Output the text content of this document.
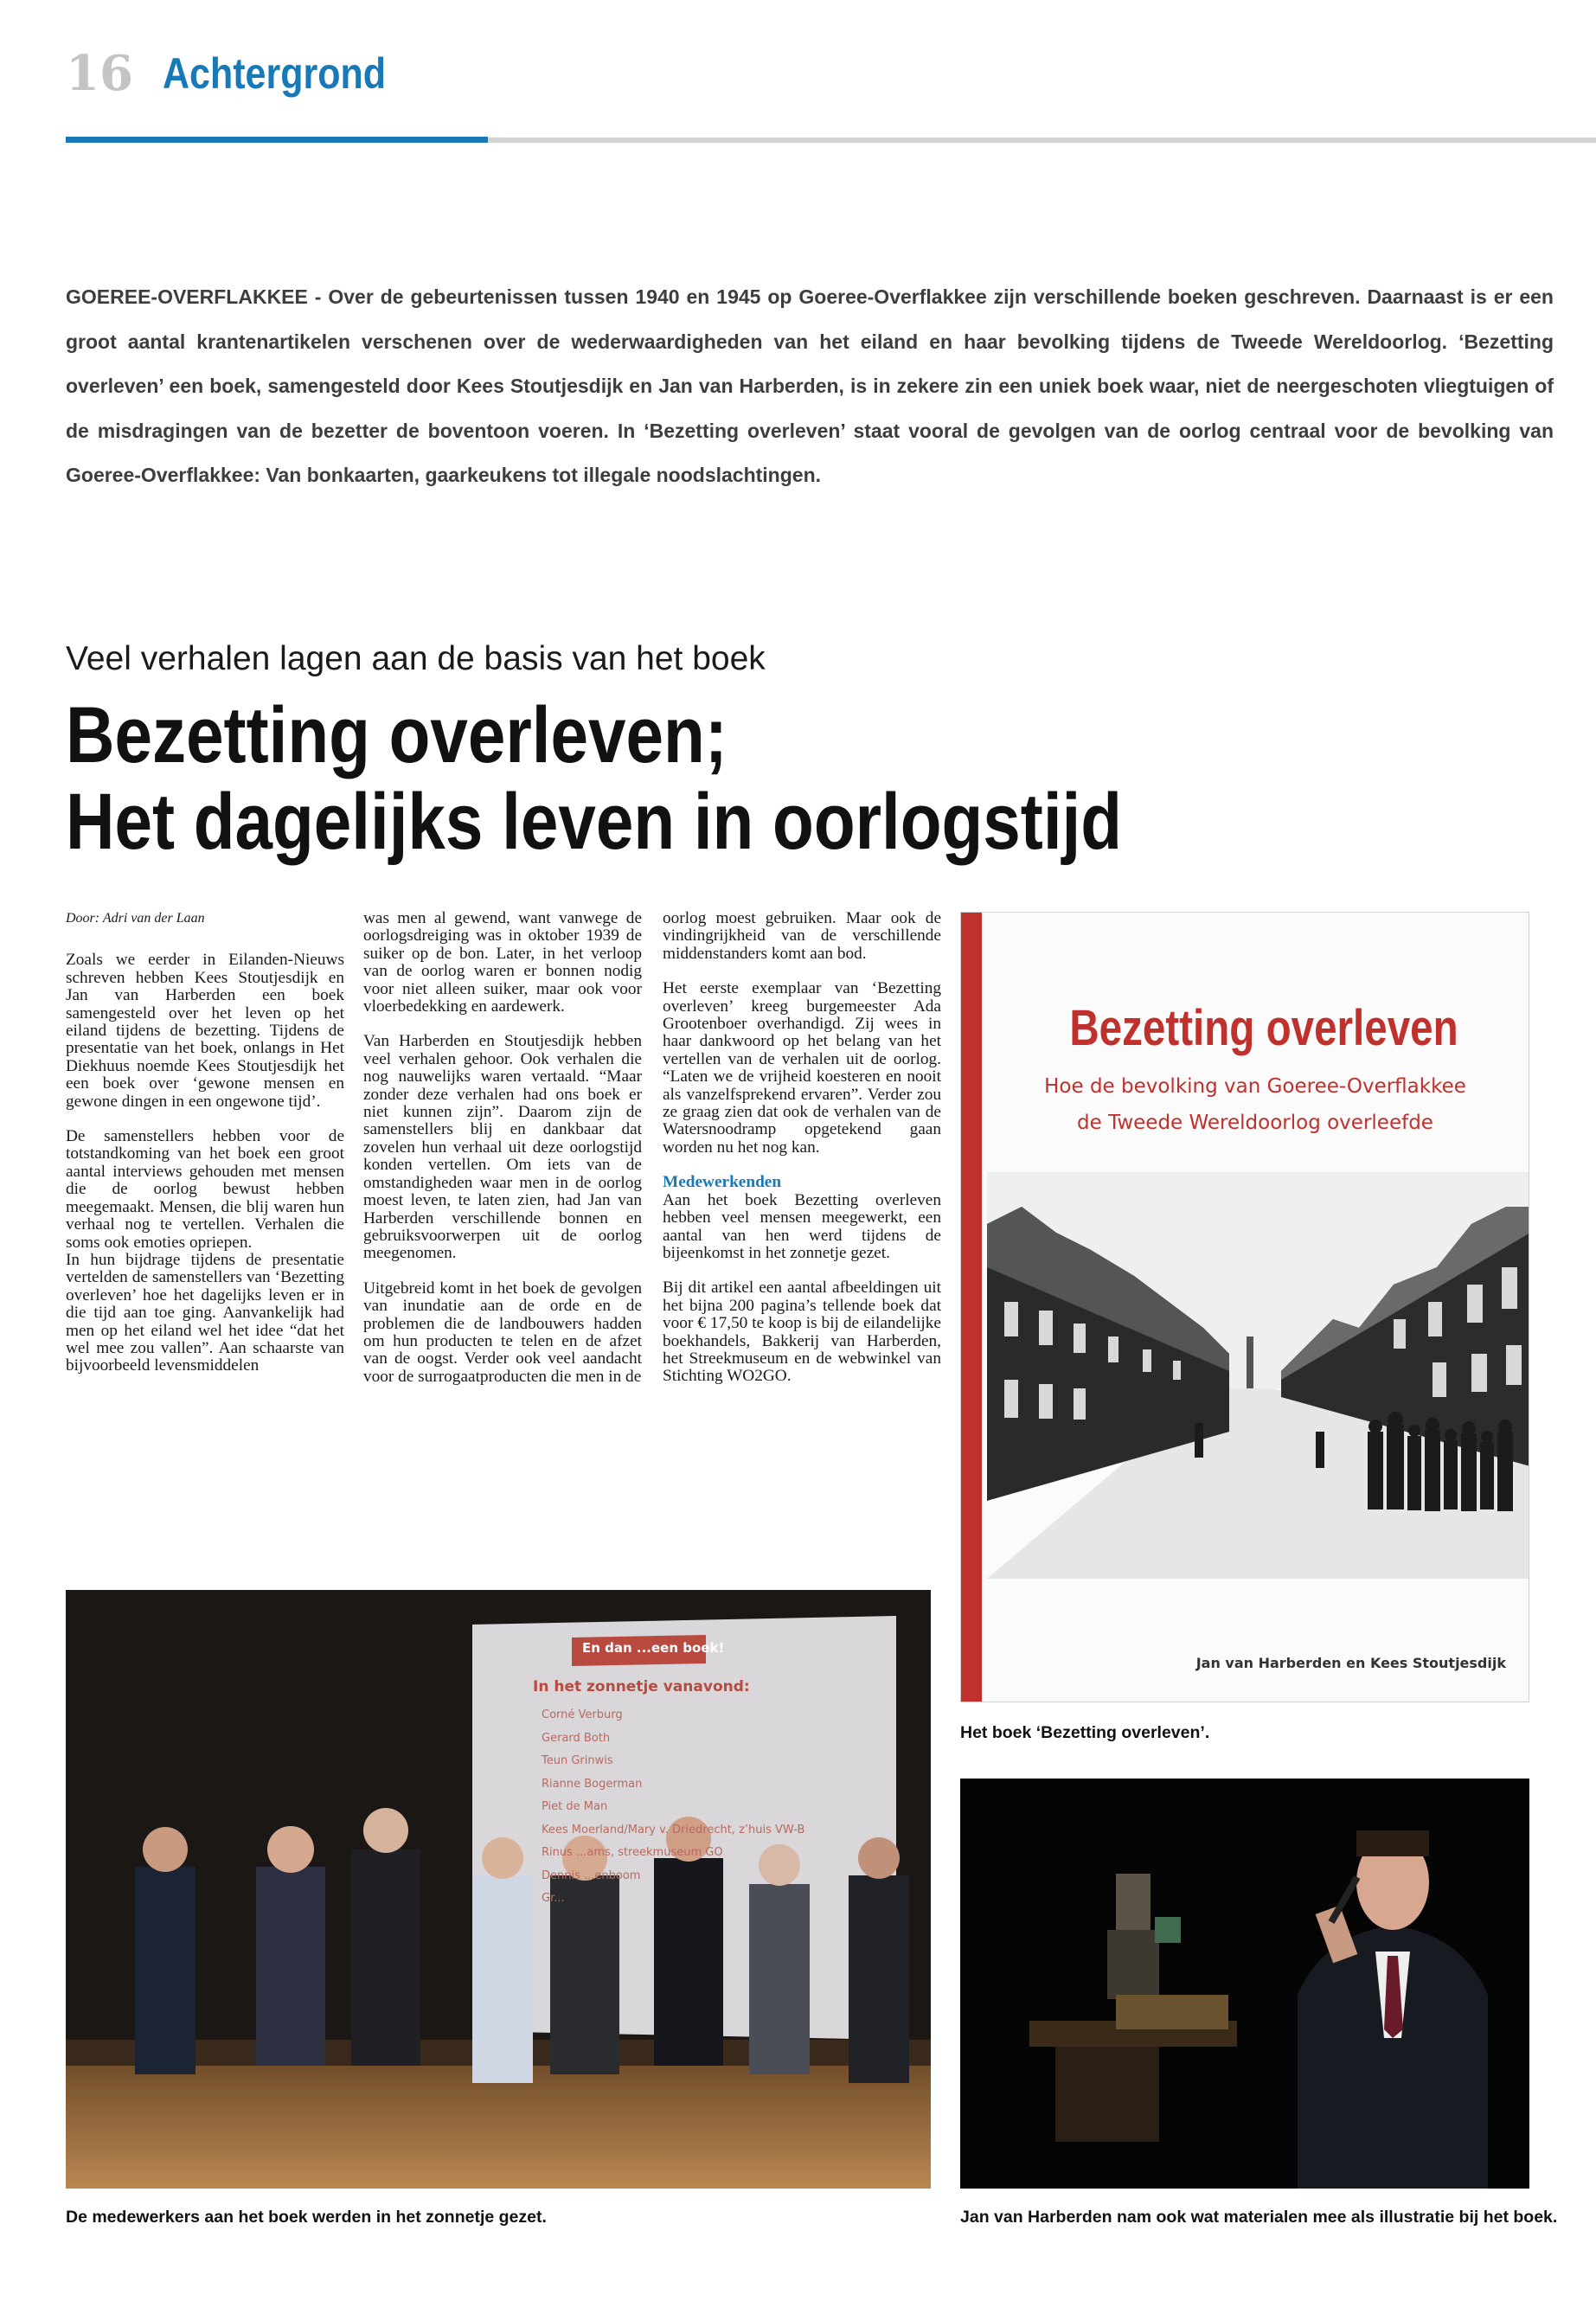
16 Achtergrond
GOEREE-OVERFLAKKEE - Over de gebeurtenissen tussen 1940 en 1945 op Goeree-Overflakkee zijn verschillende boeken geschreven. Daarnaast is er een groot aantal krantenartikelen verschenen over de wederwaardigheden van het eiland en haar bevolking tijdens de Tweede Wereldoorlog. ‘Bezetting overleven’ een boek, samengesteld door Kees Stoutjesdijk en Jan van Harberden, is in zekere zin een uniek boek waar, niet de neergeschoten vliegtuigen of de misdragingen van de bezetter de boventoon voeren. In ‘Bezetting overleven’ staat vooral de gevolgen van de oorlog centraal voor de bevolking van Goeree-Overflakkee: Van bonkaarten, gaarkeukens tot illegale noodslachtingen.
Veel verhalen lagen aan de basis van het boek
Bezetting overleven;
Het dagelijks leven in oorlogstijd

Door: Adri van der Laan

Zoals we eerder in Eilanden-Nieuws schreven hebben Kees Stoutjesdijk en Jan van Harberden een boek samengesteld over het leven op het eiland tijdens de bezetting. Tijdens de presentatie van het boek, onlangs in Het Diekhuus noemde Kees Stoutjesdijk het een boek over ‘gewone mensen en gewone dingen in een ongewone tijd’.

De samenstellers hebben voor de totstandkoming van het boek een groot aantal interviews gehouden met mensen die de oorlog bewust hebben meegemaakt. Mensen, die blij waren hun verhaal nog te vertellen. Verhalen die soms ook emoties opriepen.

In hun bijdrage tijdens de presentatie vertelden de samenstellers van ‘Bezetting overleven’ hoe het dagelijks leven er in die tijd aan toe ging. Aanvankelijk had men op het eiland wel het idee “dat het wel mee zou vallen”. Aan schaarste van bijvoorbeeld levensmiddelen

was men al gewend, want vanwege de oorlogsdreiging was in oktober 1939 de suiker op de bon. Later, in het verloop van de oorlog waren er bonnen nodig voor niet alleen suiker, maar ook voor vloerbedekking en aardewerk.

Van Harberden en Stoutjesdijk hebben veel verhalen gehoor. Ook verhalen die nog nauwelijks waren vertaald. “Maar zonder deze verhalen had ons boek er niet kunnen zijn”. Daarom zijn de samenstellers blij en dankbaar dat zovelen hun verhaal uit deze oorlogstijd konden vertellen. Om iets van de omstandigheden waar men in de oorlog moest leven, te laten zien, had Jan van Harberden verschillende bonnen en gebruiksvoorwerpen uit de oorlog meegenomen.

Uitgebreid komt in het boek de gevolgen van inundatie aan de orde en de problemen die de landbouwers hadden om hun producten te telen en de afzet van de oogst. Verder ook veel aandacht voor de surrogaatproducten die men in de

oorlog moest gebruiken. Maar ook de vindingrijkheid van de verschillende middenstanders komt aan bod.

Het eerste exemplaar van ‘Bezetting overleven’ kreeg burgemeester Ada Grootenboer overhandigd. Zij wees in haar dankwoord op het belang van het vertellen van de verhalen uit de oorlog. “Laten we de vrijheid koesteren en nooit als vanzelfsprekend ervaren”. Verder zou ze graag zien dat ook de verhalen van de Watersnoodramp opgetekend gaan worden nu het nog kan.

Medewerkenden

Aan het boek Bezetting overleven hebben veel mensen meegewerkt, een aantal van hen werd tijdens de bijeenkomst in het zonnetje gezet.

Bij dit artikel een aantal afbeeldingen uit het bijna 200 pagina’s tellende boek dat voor € 17,50 te koop is bij de eilandelijke boekhandels, Bakkerij van Harberden, het Streekmuseum en de webwinkel van Stichting WO2GO.

Bezetting overleven
Hoe de bevolking van Goeree-Overflakkee
de Tweede Wereldoorlog overleefde
Jan van Harberden en Kees Stoutjesdijk
Het boek ‘Bezetting overleven’.
En dan ...een boek!
In het zonnetje vanavond:
Corné Verburg
Gerard Both
Teun Grinwis
Rianne Bogerman
Piet de Man
Kees Moerland/Mary v. Driedrecht, z’huis VW-B
Rinus ...ams, streekmuseum GO
Dennis ...enboom
Gr...
De medewerkers aan het boek werden in het zonnetje gezet.	Jan van Harberden nam ook wat materialen mee als illustratie bij het boek.
